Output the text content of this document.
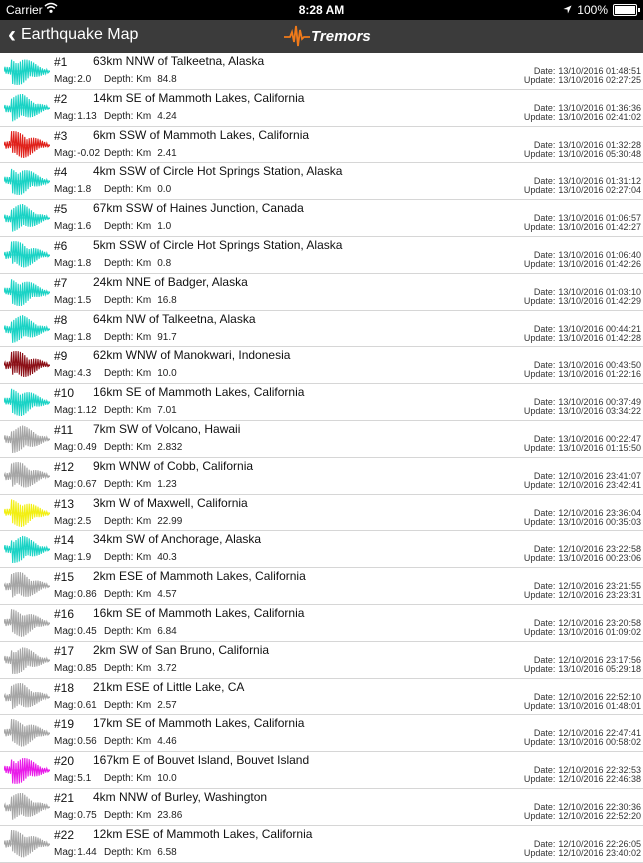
Carrier	8:28 AM	100%
‹ Earthquake Map	Tremors
#1 63km NNW of Talkeetna, Alaska
Mag:2.0 Depth: Km 84.8
Date: 13/10/2016 01:48:51
Update: 13/10/2016 02:27:25
#2 14km SE of Mammoth Lakes, California
Mag:1.13 Depth: Km 4.24
Date: 13/10/2016 01:36:36
Update: 13/10/2016 02:41:02
#3 6km SSW of Mammoth Lakes, California
Mag:-0.02 Depth: Km 2.41
Date: 13/10/2016 01:32:28
Update: 13/10/2016 05:30:48
#4 4km SSW of Circle Hot Springs Station, Alaska
Mag:1.8 Depth: Km 0.0
Date: 13/10/2016 01:31:12
Update: 13/10/2016 02:27:04
#5 67km SSW of Haines Junction, Canada
Mag:1.6 Depth: Km 1.0
Date: 13/10/2016 01:06:57
Update: 13/10/2016 01:42:27
#6 5km SSW of Circle Hot Springs Station, Alaska
Mag:1.8 Depth: Km 0.8
Date: 13/10/2016 01:06:40
Update: 13/10/2016 01:42:26
#7 24km NNE of Badger, Alaska
Mag:1.5 Depth: Km 16.8
Date: 13/10/2016 01:03:10
Update: 13/10/2016 01:42:29
#8 64km NW of Talkeetna, Alaska
Mag:1.8 Depth: Km 91.7
Date: 13/10/2016 00:44:21
Update: 13/10/2016 01:42:28
#9 62km WNW of Manokwari, Indonesia
Mag:4.3 Depth: Km 10.0
Date: 13/10/2016 00:43:50
Update: 13/10/2016 01:22:16
#10 16km SE of Mammoth Lakes, California
Mag:1.12 Depth: Km 7.01
Date: 13/10/2016 00:37:49
Update: 13/10/2016 03:34:22
#11 7km SW of Volcano, Hawaii
Mag:0.49 Depth: Km 2.832
Date: 13/10/2016 00:22:47
Update: 13/10/2016 01:15:50
#12 9km WNW of Cobb, California
Mag:0.67 Depth: Km 1.23
Date: 12/10/2016 23:41:07
Update: 12/10/2016 23:42:41
#13 3km W of Maxwell, California
Mag:2.5 Depth: Km 22.99
Date: 12/10/2016 23:36:04
Update: 13/10/2016 00:35:03
#14 34km SW of Anchorage, Alaska
Mag:1.9 Depth: Km 40.3
Date: 12/10/2016 23:22:58
Update: 13/10/2016 00:23:06
#15 2km ESE of Mammoth Lakes, California
Mag:0.86 Depth: Km 4.57
Date: 12/10/2016 23:21:55
Update: 12/10/2016 23:23:31
#16 16km SE of Mammoth Lakes, California
Mag:0.45 Depth: Km 6.84
Date: 12/10/2016 23:20:58
Update: 13/10/2016 01:09:02
#17 2km SW of San Bruno, California
Mag:0.85 Depth: Km 3.72
Date: 12/10/2016 23:17:56
Update: 13/10/2016 05:29:18
#18 21km ESE of Little Lake, CA
Mag:0.61 Depth: Km 2.57
Date: 12/10/2016 22:52:10
Update: 13/10/2016 01:48:01
#19 17km SE of Mammoth Lakes, California
Mag:0.56 Depth: Km 4.46
Date: 12/10/2016 22:47:41
Update: 13/10/2016 00:58:02
#20 167km E of Bouvet Island, Bouvet Island
Mag:5.1 Depth: Km 10.0
Date: 12/10/2016 22:32:53
Update: 12/10/2016 22:46:38
#21 4km NNW of Burley, Washington
Mag:0.75 Depth: Km 23.86
Date: 12/10/2016 22:30:36
Update: 12/10/2016 22:52:20
#22 12km ESE of Mammoth Lakes, California
Mag:1.44 Depth: Km 6.58
Date: 12/10/2016 22:26:05
Update: 12/10/2016 23:40:02
